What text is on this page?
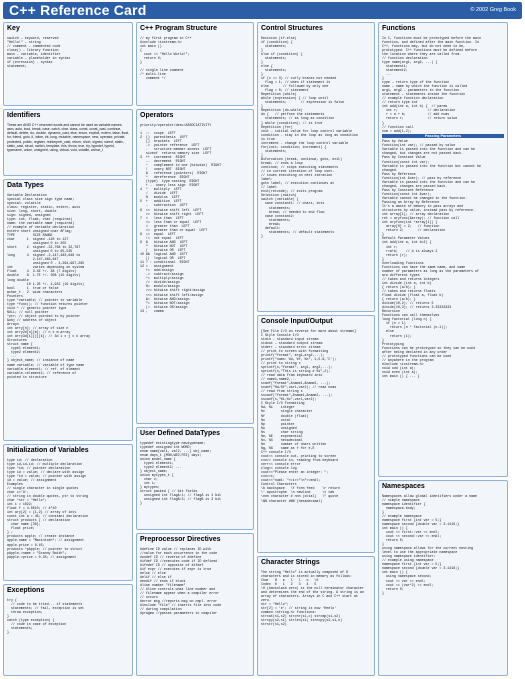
C++ Reference Card	© 2002 Greg Book
Key
switch – keyword, reserved
"Hello!" – string
// comment – commented code
close() – library function
main – variable, identifier
variable – placeholder in syntax
if (exression) - syntax
statement;
Identifiers
These are ANSI C++ reserved words and cannot be used as variable names.
asm, auto, bool, break, case, catch, char, class, const, const_cast, continue, default, delete, do, double, dynamic_cast, else, enum, explicit, extern, false, float, for, friend, goto, if, inline, int, long, mutable, namespace, new, operator, private, protected, public, register, reinterpret_cast, return, short, signed, sizeof, static, static_cast, struct, switch, template, this, throw, true, try, typedef, typeid, typename, union, unsigned, using, virtual, void, volatile, wchar_t
Data Types
Variable Declaration
special class size sign type name;
special: volatile
class: register, static, extern, auto
size: long, short, double
sign: signed, unsigned
type: int, float, char (required)
name: the variable name (required)
// example of variable declaration
extern short unsigned char AFlag;
TYPE         SIZE RANGE
char      1  signed -128 to 127
unsigned 0 to 255
short     2  signed -32,768 to 32,767
unsigned 0 to 65,535
long      4  signed -2,147,483,648 to
2,147,483,647
unsigned 0 - 4,294,967,295
int          varies depending on system
float     4  3.4E +/- 38 (7 digits)
double    8  1.7E +/- 308 (15 digits)
long double
10 1.2E +/- 4,932 (19 digits)
bool      1  true or false
wchar_t   2  wide characters
Pointers
type *variable; // pointer to variable
type *func(); // function returns pointer
void * // generic pointer type
NULL; // null pointer
*ptr; // object pointed to by pointer
&obj // address of object
Arrays
int arry[n]; // array of size n
int arry2d[n][m]; // n x m array
int arry3d[i][j][k]; // 3d i x j x k array
Structures
struct name {
type1 element1;
type2 element2;
...
} object_name; // instance of name
name variable; // variable of type name
variable.element1; // ref. of element
variable->element1; // reference of
pointed to structure
Initialization of Variables
type id; // declaration
type id,id,id; // multiple declaration
type *id; // pointer declaration
type id = value; // declare with assign
type *id = value; // pointer with assign
id = value; // assignment
Examples
// single character in single quotes
char c='A';
// string in double quotes, ptr to string
char *str = "Hello";
int i = 1022;
float f = 4.0E10; // 4^10
int ary[2] = {1,2} // array of ints
const int a = 45; // constant declaration
struct products { // declaration
char name [30];
float price;
} ;
products apple; // create instance
apple.name = "Macintosh"; // assignment
apple.price = 0.45;
products *pApple; // pointer to struct
pApple->name = "Granny Smith";
pApple->price = 0.35; // assignment
Exceptions
try {
// code to be tried... if statements
statements; // fail, exception is set
throw exception;
}
catch (type exception) {
// code in case of exception
statements;
}
C++ Program Structure
// my first program in C++
#include <iostream.h>
int main ()
{
cout << "Hello World!";
return 0;
}

// single line comment
/* multi-line
comment */
Operators
priority/operator/desc/ASSOCIATIVITY

1  ::  scope  LEFT
2  ()  parenthesis  LEFT
[]  brackets  LEFT
->  pointer reference  LEFT
.   structure member access  LEFT
sizeof  returns memory size  LEFT
3  ++  increment  RIGHT
--  decrement  RIGHT
~   complement to one (bitwise)  RIGHT
!   unary NOT  RIGHT
&   reference (pointers)  RIGHT
*   dereference  RIGHT
(type)  type casting  RIGHT
+ -  unary less sign  RIGHT
4  *   multiply  LEFT
/   divide  LEFT
%   modulus  LEFT
5  +   addition  LEFT
-   subtraction  LEFT
6  <<  bitwise shift left  LEFT
>>  bitwise shift right  LEFT
7  <   less than  LEFT
<=  less than or equal  LEFT
>   greater than  LEFT
>=  greater than or equal  LEFT
8  ==  equal  LEFT
!=  not equal  LEFT
9  &   bitwise AND  LEFT
^   bitwise NOT  LEFT
|   bitwise OR  LEFT
10 &&  logical AND  LEFT
||  logical OR  LEFT
11 ? : conditional  RIGHT
12 =   assignment
+=  add/assign
-=  subtract/assign
*=  multiply/assign
/=  divide/assign
%=  modulo/assign
>>= bitwise shift right/assign
<<= bitwise shift left/assign
&=  bitwise AND/assign
^=  bitwise NOT/assign
|=  bitwise OR/assign
13 ,   comma
User Defined DataTypes
typedef existingtype newtypename;
typedef unsigned int WORD;
enum name{val1, val2, ...} obj_name;
enum days_t {MON,WED,FRI} days;
union model_name {
type1 element1;
type2 element2; ...
} object_name;
union mytypes_t {
char c;
int i;
} mytypes;
struct packed { // bit fields
unsigned int flagA:1; // flagA is 1 bit
unsigned int flagB:3; // flagB is 3 bit
}
Preprocessor Directives
#define ID value // replaces ID with
//value for each occurrence in the code
#undef ID // reverse of #define
#ifdef ID //executes code if ID defined
#ifndef ID // opposite of #ifdef
#if expr // executes if expr is true
#else // else
#elif // else if
#endif // ends if block
#line number "filename"
// #line controls what line number and
// filename appear when a compiler error
// occurs
#error msg //reports msg on cmpl. error
#include "file" // inserts file into code
// during compilation
#pragma //passes parameters to compiler
Control Structures
Decision (if-else)
if (condition) {
statements;
}
else if (condition) {
statements;
}
else {
statements;
}
if (x == 3) // curly braces not needed
flag = 1; // when if statement is
else       // followed by only one
flag = 0; // statement
Repetition (while)
while (expression) { // loop until
statements;       // expression is false
}
Repetition (do-while)
do {   // perform the statements
statements; // as long as condition
} while (condition); // is true
Repetition (for)
init - initial value for loop control variable
condition - stay in the loop as long as condition
is true
increment - change the loop control variable
for(init; condition; increment) {
statements;
}
Bifurcation (break, continue, goto, exit)
break; // ends a loop
continue; // stops executing statements
// in current iteration of loop cont-
// inues executing on next iteration
label:
goto label; // execution continues at
// label
exit(retcode); // exits program
Selection (switch)
switch (variable) {
case constant1: // chars, ints
statements;
break; // needed to end flow
case constant2:
statements;
break;
default:
statements; // default statements
}
Console Input/Output
[See File I/O on reverse for more about streams]
C Style Console I/O
stdin – standard input stream
stdout – standard output stream
stderr – standard error stream
// print to screen with formatting
printf("format", arg1,arg2,...);
printf("nums: %d, %f, %c", 1,5.6,'C');
// print to string s
sprintf(s,"format", arg1, arg2,...);
sprintf(s,"This is string # %i",2);
// read data from keyboard into
// name1,name2,...
scanf("format",&name1,&name2, ...);
scanf("%d,%f",var1,var2); // read nums
// read from string s
sscanf("format",&name1,&name2, ...);
sscanf(s,"%i,%c",var1,var2);
C Style I/O Formatting
%d, %i    integer
%c        single character
%f        double (float)
%o        octal
%p        pointer
%u        unsigned
%s        char string
%e, %E    exponential
%x, %X    hexadecimal
%n        number of chars written
%g, %G    same as f for e,E
C++ console I/O
cout<< console out, printing to screen
cin>> console in, reading from keyboard
cerr<< console error
clog<< console log
cout<<"Please enter an integer: ";
cin>>i;
cout<<"num1: "<<i<<"\n"<<endl;
Control Characters
\b backspace   \f form feed    \r return
\' apostrophe  \n newline      \t tab
\nnn character # nnn (octal)   \" quote
\NN character #NN (hexadecimal)
Character Strings
The string "Hello" is actually composed of 6
characters and is stored in memory as follows:
Char   H   e   l   l   o   \0
Index  0   1   2   3   4   5
\0 (backslash zero) is the null terminator character
and determines the end of the string. A string is an
array of characters. Arrays in C and C++ start at
zero.
str = "Hello";
str[2] = 'e'; // string is now 'Heelo'
common <string.h> functions:
strcat(s1,s2) strchr(s1,c) strcmp(s1,s2)
strcpy(s2,s1) strlen(s1) strncpy(s2,s1,n)
strstr(s1,s2)
Functions
In C, functions must be prototyped before the main
function, and defined after the main function. In
C++, functions may, but do not need to be,
prototyped. C++ functions must be defined before
the location where they are called from.
// function declaration
type name(arg1, arg2, ...) {
statement1;
statement2;
...
}
type – return type of the function
name – name by which the function is called
arg1, arg2 – parameters to the function
statement – statements inside the function
// example function declaration
// return type int
int add(int a, int b) {  // parms
int r;               // declaration
r = a + b;           // add nums
return r;            // return value
}
// function call
num = add(1,2);
Passing Parameters
Pass by Value
function(int var); // passed by value
Variable is passed into the function and can be
changed, but changes are not passed back.
Pass by Constant Value
function(const int var);
Variable is passed into the function but cannot be
changed.
Pass by Reference
function(int &var); // pass by reference
Variable is passed into the function and can be
changed, changes are passed back.
Pass by Constant Reference
function(const int &var);
Variable cannot be changed in the function.
Passing an Array by Reference
It's a waste of memory to pass arrays and
structures by value, instead pass by reference.
int array[1]; // array declaration
ret = aryfunc(&array); // function call
int aryfunc(int *array[1]) {
array[0] = 2;   // function
return 2;       // declaration
}
Default Parameter Values
int add(int a, int b=2) {
int r;
r=a+b;    // b is always 2
return (r);
}
Overloading Functions
Functions can have the same name, and same
number of parameters as long as the parameters of
are different types
// takes and returns integers
int divide (int a, int b)
{ return (a/b); }
// takes and returns floats
float divide (float a, float b)
{ return (a/b); }
divide(10,2); // returns 5
divide(10,3); // returns 3.33333333
Recursion
Functions can call themselves
long factorial (long n) {
if (n > 1)
return (n * factorial (n-1));
else
return (1);
}
Prototyping
Functions can be prototyped so they can be used
after being declared in any order
// prototyped functions can be used
// anywhere in the program
#include <iostream.h>
void odd (int a);
void even (int a);
int main () { ... }
Namespaces
Namespaces allow global identifiers under a name
// simple namespace
namespace identifier {
namespace-body;
}
// example namespace
namespace first {int var = 5;}
namespace second {double var = 3.1416;}
int main () {
cout << first::var << endl;
cout << second::var << endl;
return 0;
}
using namespace allows for the current nesting
level to use the appropriate namespace
using namespace identifier;
// example using namespace
namespace first {int var = 5;}
namespace second {double var = 3.1416;}
int main () {
using namespace second;
cout << var << endl;
cout << (var*2) << endl;
return 0;
}
